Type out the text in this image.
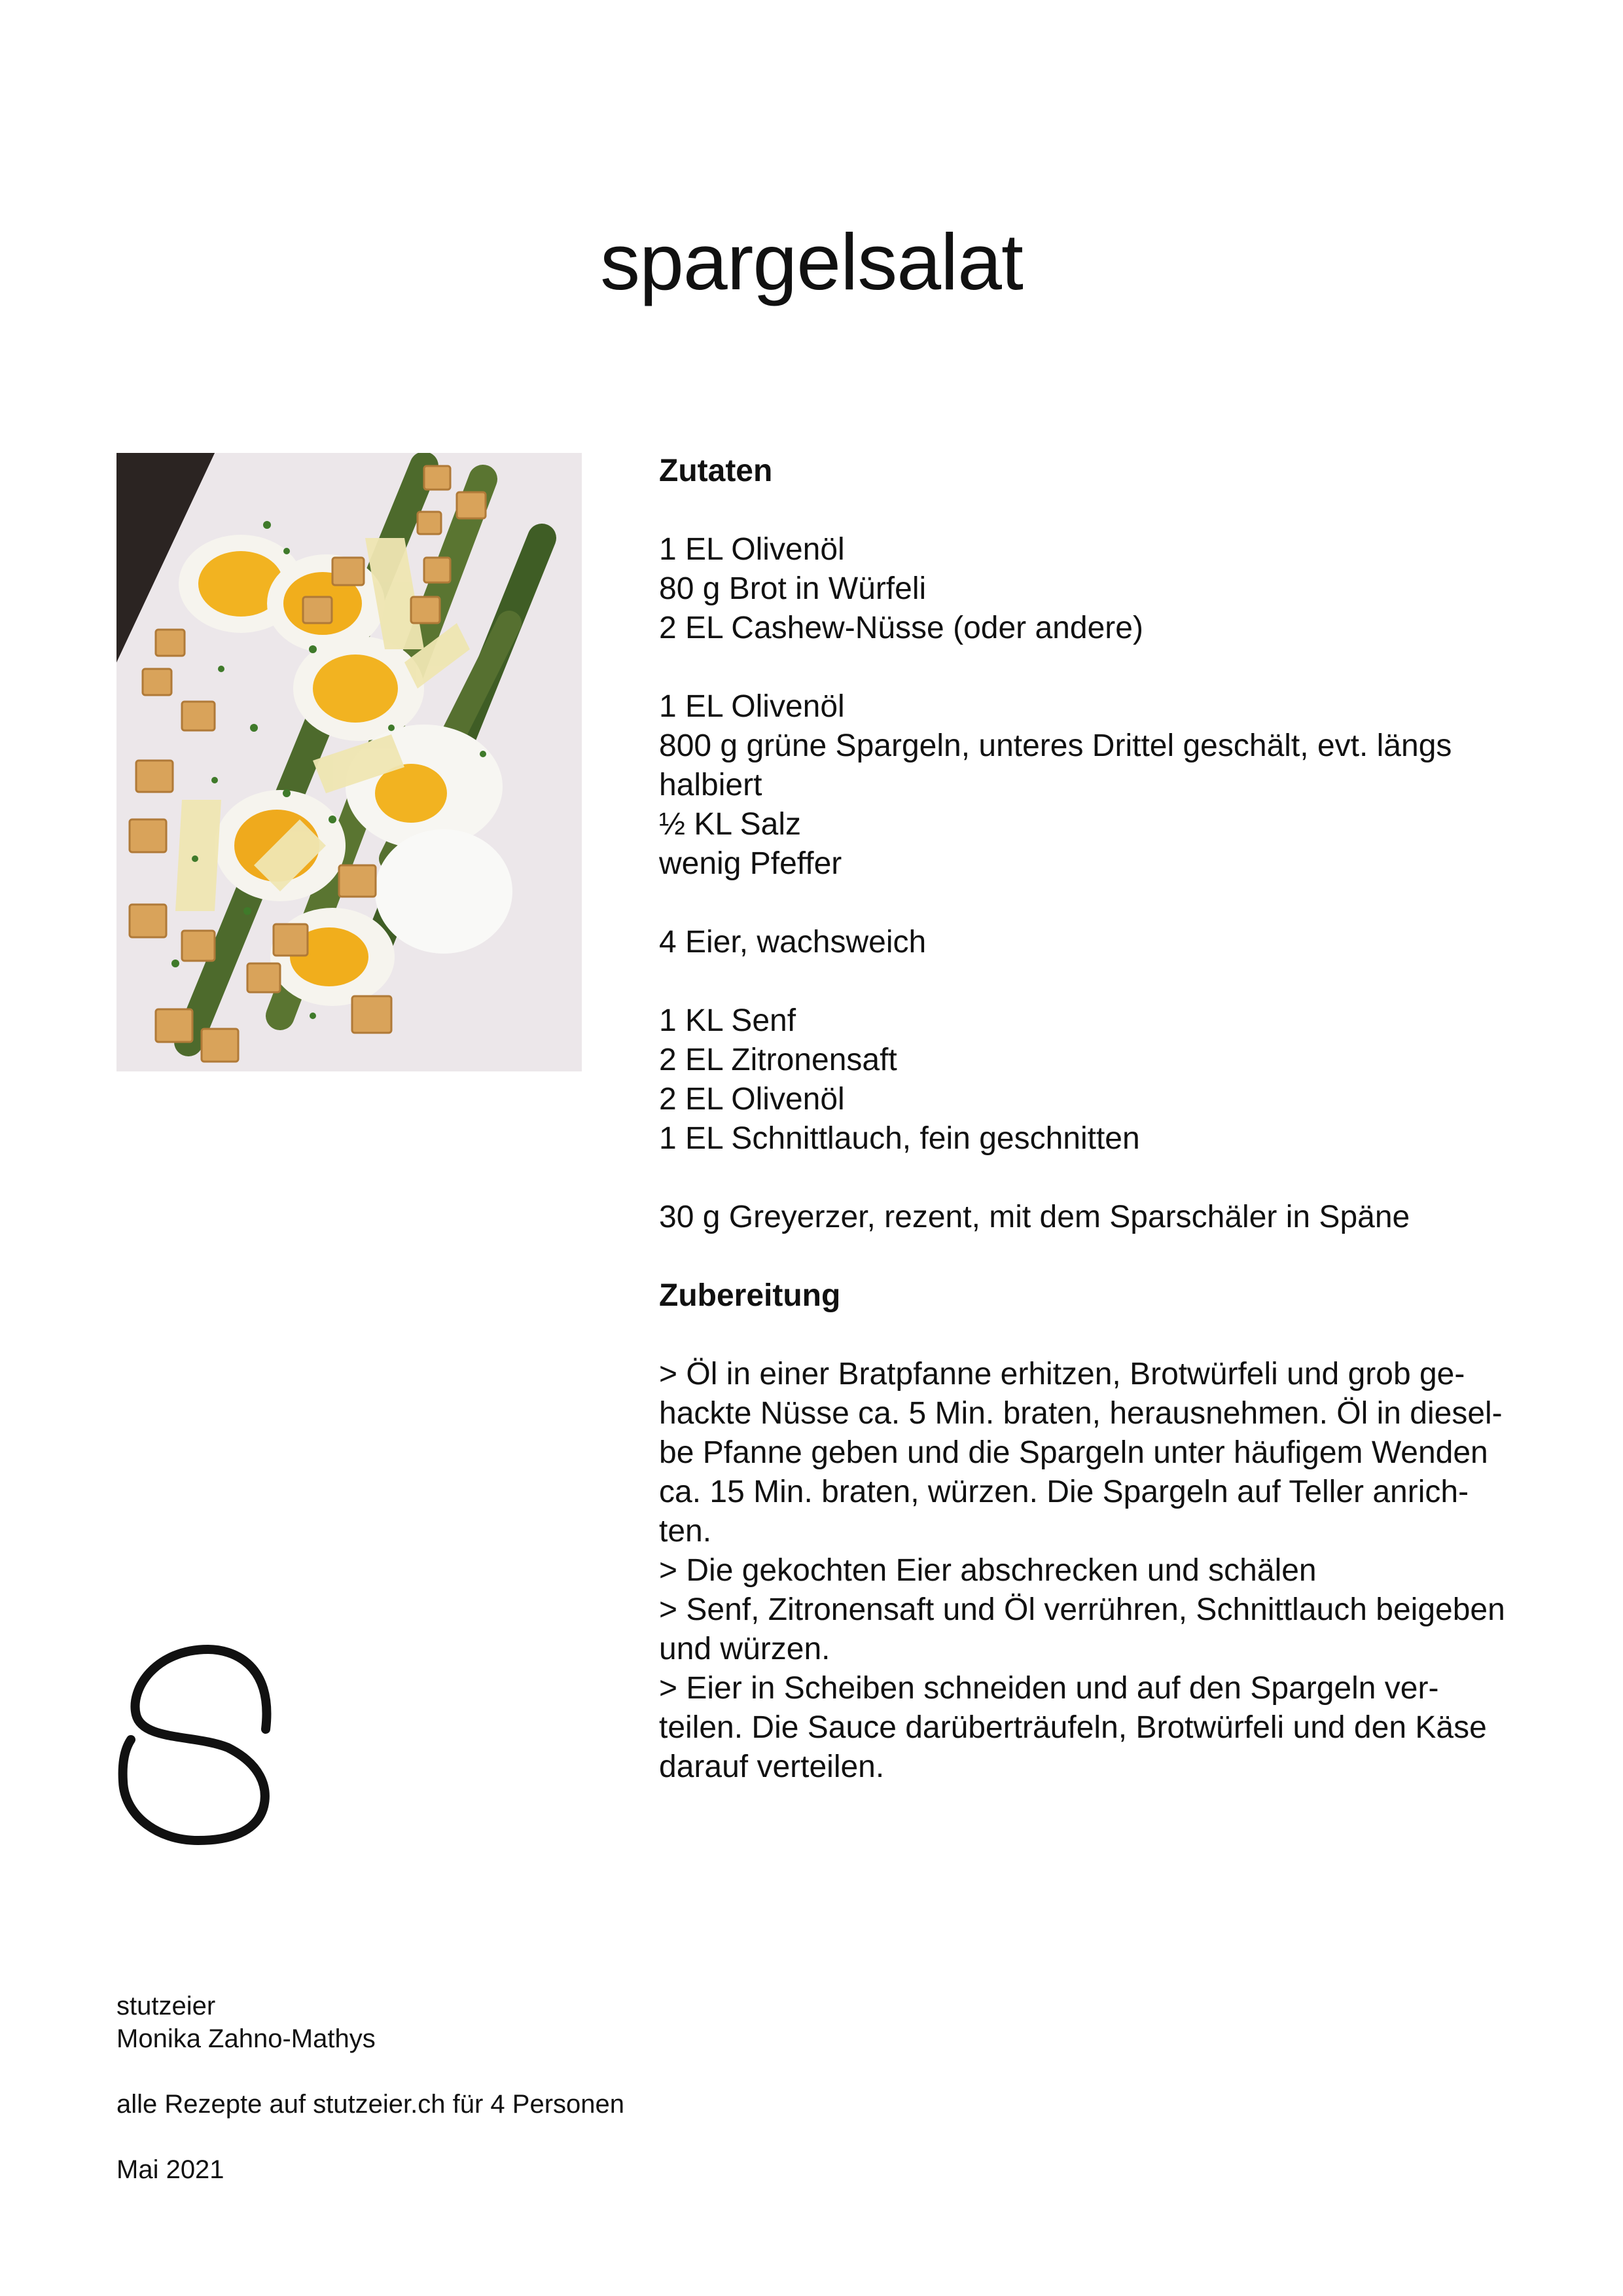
spargelsalat

Zutaten

1 EL Olivenöl

80 g Brot in Würfeli

2 EL Cashew-Nüsse (oder andere)

1 EL Olivenöl

800 g grüne Spargeln, unteres Drittel geschält, evt. längs

halbiert

½ KL Salz

wenig Pfeffer

4 Eier, wachsweich

1 KL Senf

2 EL Zitronensaft

2 EL Olivenöl

1 EL Schnittlauch, fein geschnitten

30 g Greyerzer, rezent, mit dem Sparschäler in Späne

Zubereitung

> Öl in einer Bratpfanne erhitzen, Brotwürfeli und grob ge-

hackte Nüsse ca. 5 Min. braten, herausnehmen. Öl in diesel-

be Pfanne geben und die Spargeln unter häufigem Wenden

ca. 15 Min. braten, würzen. Die Spargeln auf Teller anrich-

ten.

> Die gekochten Eier abschrecken und schälen

> Senf, Zitronensaft und Öl verrühren, Schnittlauch beigeben

und würzen.

> Eier in Scheiben schneiden und auf den Spargeln ver-

teilen. Die Sauce darüberträufeln, Brotwürfeli und den Käse

darauf verteilen.

stutzeier

Monika Zahno-Mathys

alle Rezepte auf stutzeier.ch für 4 Personen

Mai 2021
